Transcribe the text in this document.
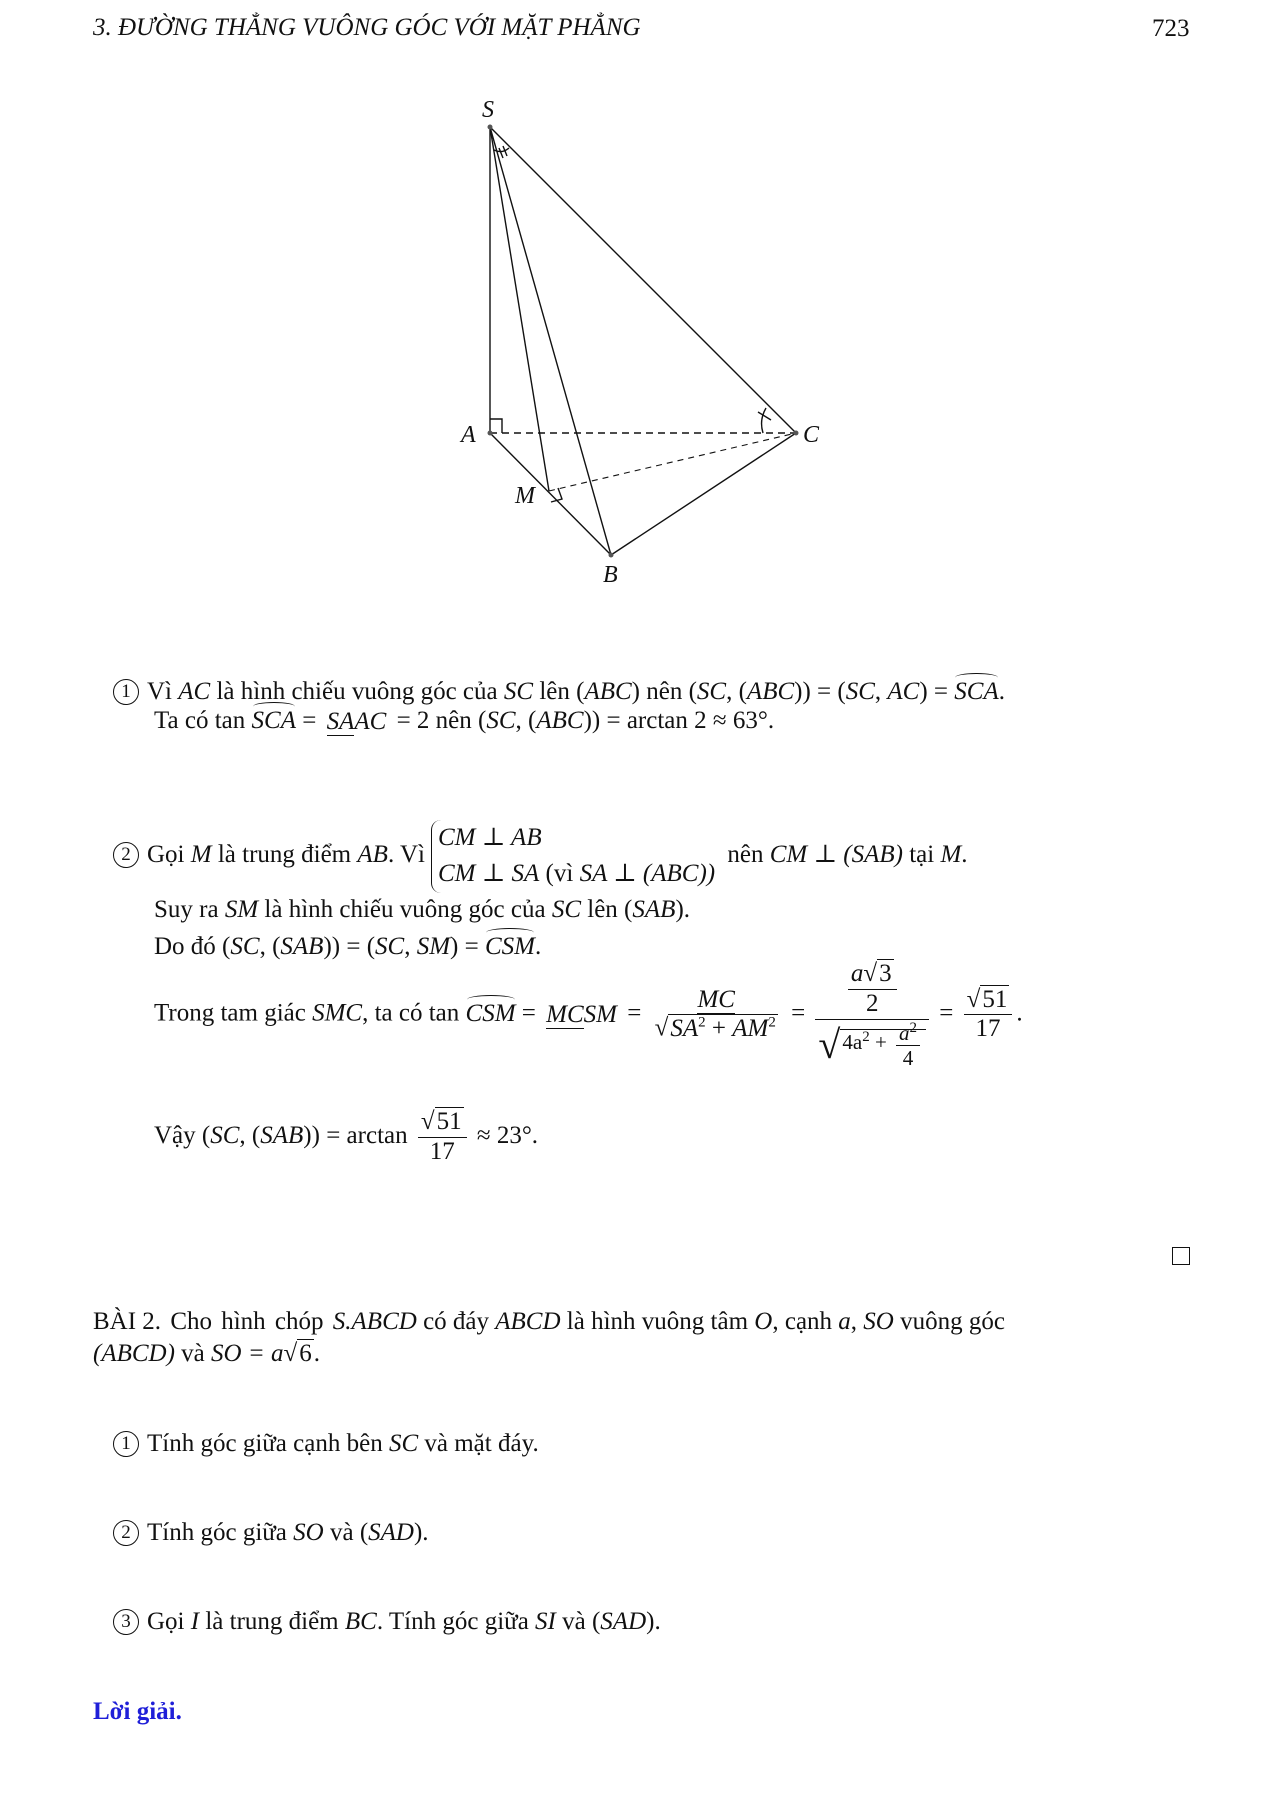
3. ĐƯỜNG THẲNG VUÔNG GÓC VỚI MẶT PHẲNG	723
S
A	C
B
M
1 Vì AC là hình chiếu vuông góc của SC lên (ABC) nên (SC, (ABC)) = (SC, AC) = SCA.
Ta có tan SCA = SAAC = 2 nên (SC, (ABC)) = arctan 2 ≈ 63°.
2 Gọi M là trung điểm AB. VìCM ⊥ AB
CM ⊥ SA (vì SA ⊥ (ABC)) nên CM ⊥ (SAB) tại M.
Suy ra SM là hình chiếu vuông góc của SC lên (SAB).
Do đó (SC, (SAB)) = (SC, SM) = CSM.
Trong tam giác SMC, ta có tan CSM = MCSM = $\frac{MC}{√SA^2 + AM^2} = \frac{\frac{a√3}{2}}{√4a^2 + \frac{a^2}{4}} = \frac{√51}{17}$ .
Vậy (SC, $(SAB)) = \arctan \frac{√51}{17} \approx 23^\circ$.
BÀI 2. Cho hình chóp S.ABCD có đáy ABCD là hình vuông tâm O, cạnh a, SO vuông góc
(ABCD) và SO = a√6.
1 Tính góc giữa cạnh bên SC và mặt đáy.
2 Tính góc giữa SO và (SAD).
3 Gọi I là trung điểm BC. Tính góc giữa SI và (SAD).
Lời giải.
